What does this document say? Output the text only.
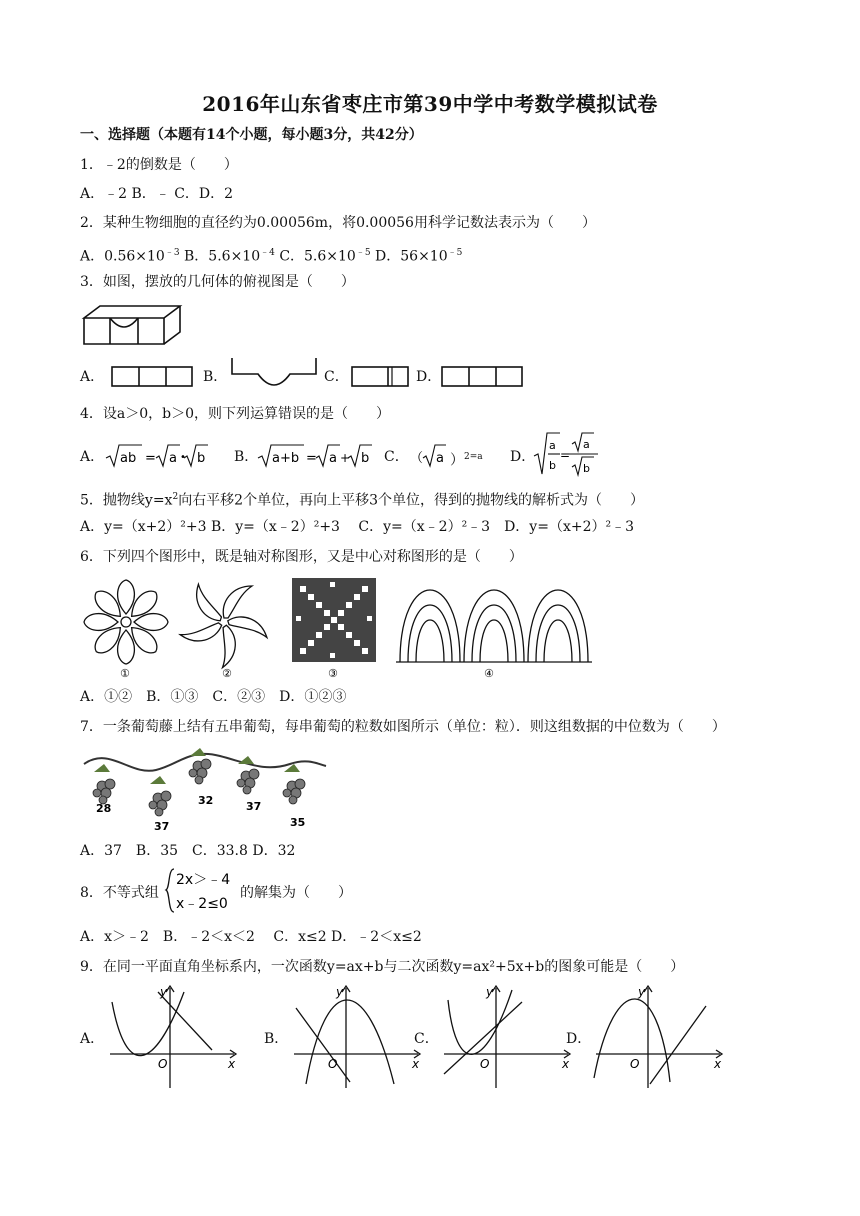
2016年山东省枣庄市第39中学中考数学模拟试卷
一、选择题（本题有14个小题，每小题3分，共42分）
1．﹣2的倒数是（　　）
A．﹣2 B．﹣ C．D．2
2．某种生物细胞的直径约为0.00056m，将0.00056用科学记数法表示为（　　）
A．$0.56\times 10^{﹣3}$ B．$5.6\times 10^{﹣4}$ C．$5.6\times 10^{﹣5}$ D．$56\times 10^{﹣5}$
3．如图，摆放的几何体的俯视图是（　　）
A．	B．	C．	D．
4．设a＞0，b＞0，则下列运算错误的是（　　）
A． ab = a • b B． a+b = a + b C． （ a ）$^{2=a}$ D．
a
b
=
a
b
5．抛物线$y=x^2$向右平移2个单位，再向上平移3个单位，得到的抛物线的解析式为（　　）
A．y=（x+2）²+3 B．y=（x﹣2）²+3　 C．y=（x﹣2）²﹣3　D．y=（x+2）²﹣3
6．下列四个图形中，既是轴对称图形，又是中心对称图形的是（　　）
①	②	③	④
A．①②　B．①③　C．②③　D．①②③
7．一条葡萄藤上结有五串葡萄，每串葡萄的粒数如图所示（单位：粒）．则这组数据的中位数为（　　）
28
37
32	37
35
A．37　B．35　C．33.8 D．32
8．不等式组
2x＞﹣4
x﹣2≤0
的解集为（　　）
A．x＞﹣2　B．﹣2＜x＜2　 C．x≤2 D．﹣2＜x≤2
9．在同一平面直角坐标系内，一次函数y=ax+b与二次函数y=ax²+5x+b的图象可能是（　　）
A．
y
x
O
B．
y
x
O
C．
y
x
O
D．
y
x
O
